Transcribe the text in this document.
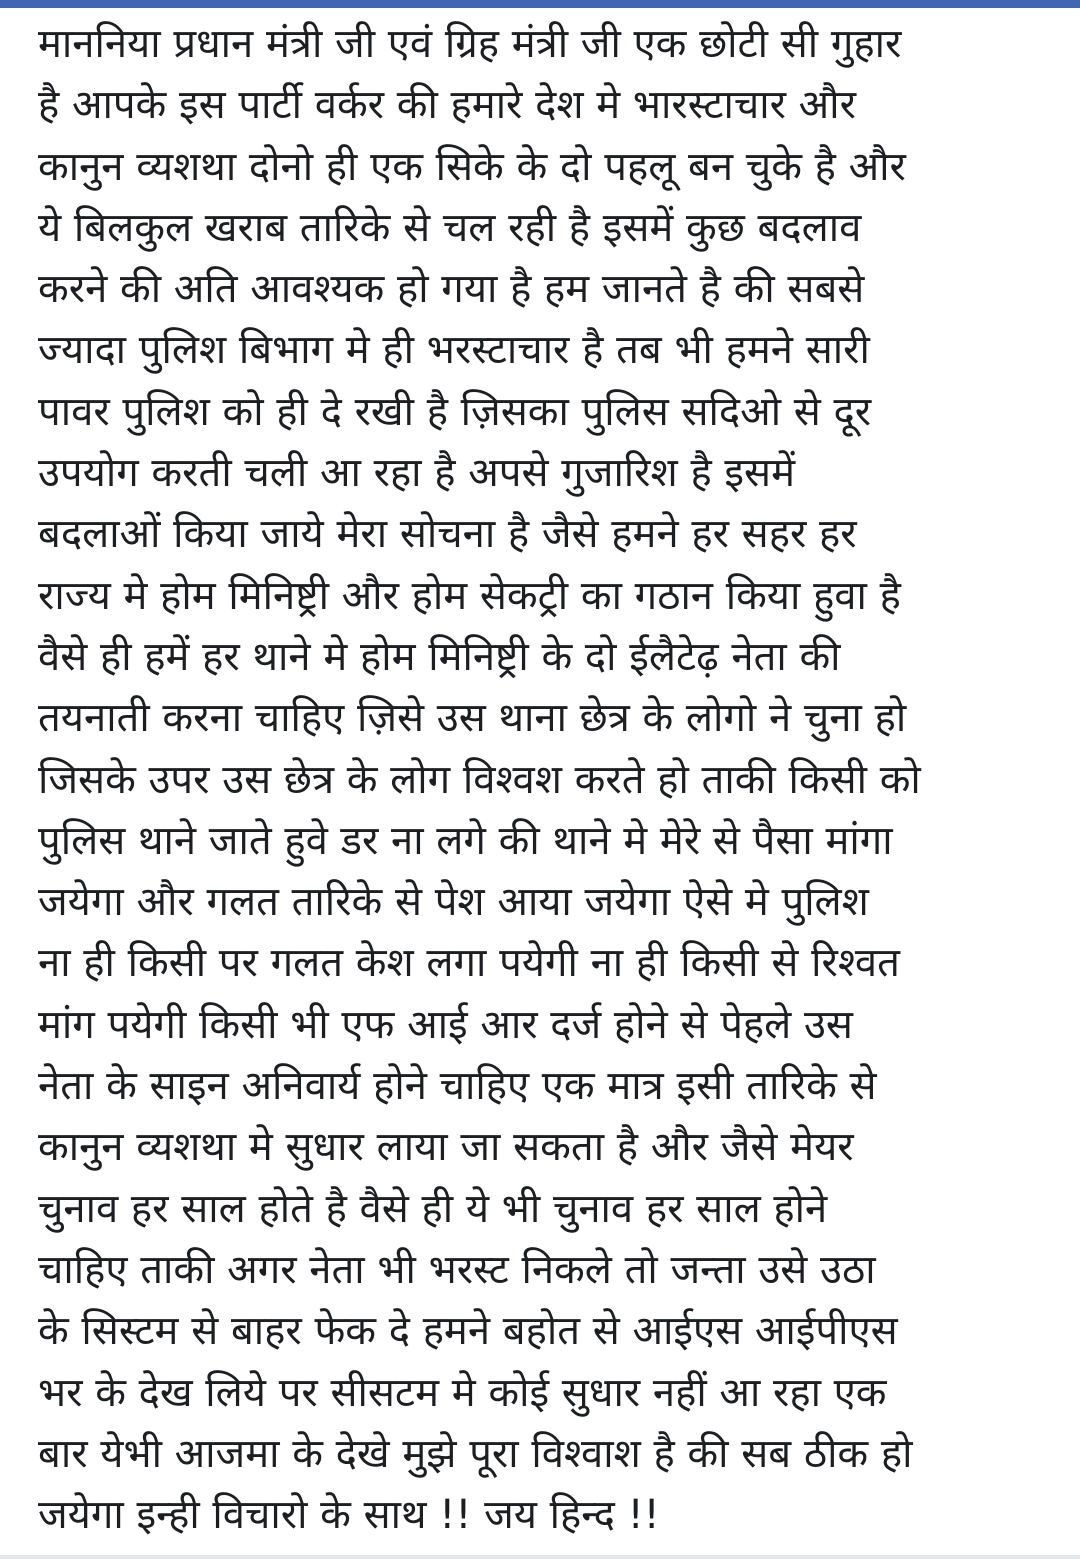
माननिया प्रधान मंत्री जी एवं ग्रिह मंत्री जी एक छोटी सी गुहार
है आपके इस पार्टी वर्कर की हमारे देश मे भारस्टाचार और
कानुन व्यशथा दोनो ही एक सिके के दो पहलू बन चुके है और
ये बिलकुल खराब तारिके से चल रही है इसमें कुछ बदलाव
करने की अति आवश्यक हो गया है हम जानते है की सबसे
ज्यादा पुलिश बिभाग मे ही भरस्टाचार है तब भी हमने सारी
पावर पुलिश को ही दे रखी है ज़िसका पुलिस सदिओ से दूर
उपयोग करती चली आ रहा है अपसे गुजारिश है इसमें
बदलाओं किया जाये मेरा सोचना है जैसे हमने हर सहर हर
राज्य मे होम मिनिष्ट्री और होम सेकट्री का गठान किया हुवा है
वैसे ही हमें हर थाने मे होम मिनिष्ट्री के दो ईलैटेढ़ नेता की
तयनाती करना चाहिए ज़िसे उस थाना छेत्र के लोगो ने चुना हो
जिसके उपर उस छेत्र के लोग विश्वश करते हो ताकी किसी को
पुलिस थाने जाते हुवे डर ना लगे की थाने मे मेरे से पैसा मांगा
जयेगा और गलत तारिके से पेश आया जयेगा ऐसे मे पुलिश
ना ही किसी पर गलत केश लगा पयेगी ना ही किसी से रिश्वत
मांग पयेगी किसी भी एफ आई आर दर्ज होने से पेहले उस
नेता के साइन अनिवार्य होने चाहिए एक मात्र इसी तारिके से
कानुन व्यशथा मे सुधार लाया जा सकता है और जैसे मेयर
चुनाव हर साल होते है वैसे ही ये भी चुनाव हर साल होने
चाहिए ताकी अगर नेता भी भरस्ट निकले तो जन्ता उसे उठा
के सिस्टम से बाहर फेक दे हमने बहोत से आईएस आईपीएस
भर के देख लिये पर सीसटम मे कोई सुधार नहीं आ रहा एक
बार येभी आजमा के देखे मुझे पूरा विश्वाश है की सब ठीक हो
जयेगा इन्ही विचारो के साथ !! जय हिन्द !!
